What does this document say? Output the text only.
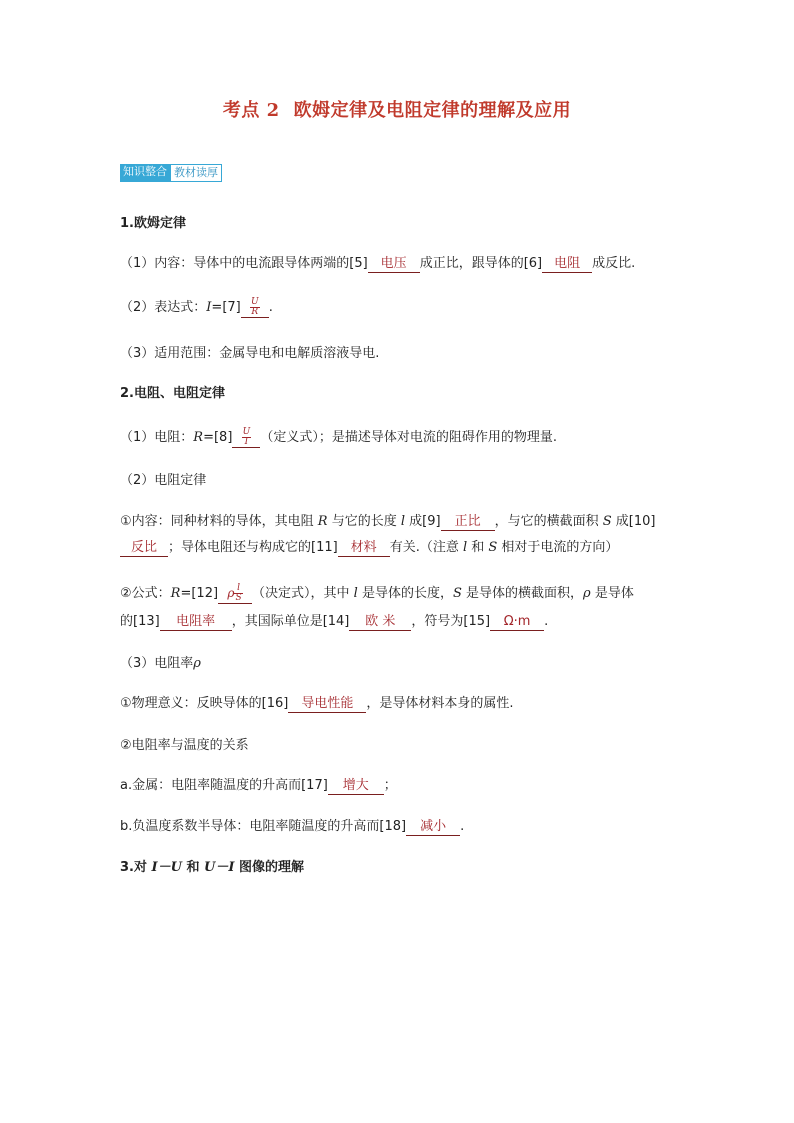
考点 2 欧姆定律及电阻定律的理解及应用
知识整合 教材读厚
1.欧姆定律
（1）内容：导体中的电流跟导体两端的[5] 电压 成正比，跟导体的[6] 电阻 成反比.
（2）表达式：$I=[7] \frac{U}{R}$ .
（3）适用范围：金属导电和电解质溶液导电.
2.电阻、电阻定律
（1）电阻：$R=[8] \frac{U}{I}$ （定义式）；是描述导体对电流的阻碍作用的物理量.
（2）电阻定律
①内容：同种材料的导体，其电阻 R 与它的长度 l 成[9] 正比 ，与它的横截面积 S 成[10]
反比 ；导体电阻还与构成它的[11] 材料 有关.（注意 l 和 S 相对于电流的方向）
②公式：R=[12] ρ $\frac{l}{S}$ （决定式），其中 l 是导体的长度，S 是导体的横截面积，ρ 是导体
的[13] 电阻率 ，其国际单位是[14] 欧 米 ，符号为[15] Ω·m .
（3）电阻率ρ
①物理意义：反映导体的[16] 导电性能 ，是导体材料本身的属性.
②电阻率与温度的关系
a.金属：电阻率随温度的升高而[17] 增大 ；
b.负温度系数半导体：电阻率随温度的升高而[18] 减小 .
3.对 I－U 和 U－I 图像的理解
